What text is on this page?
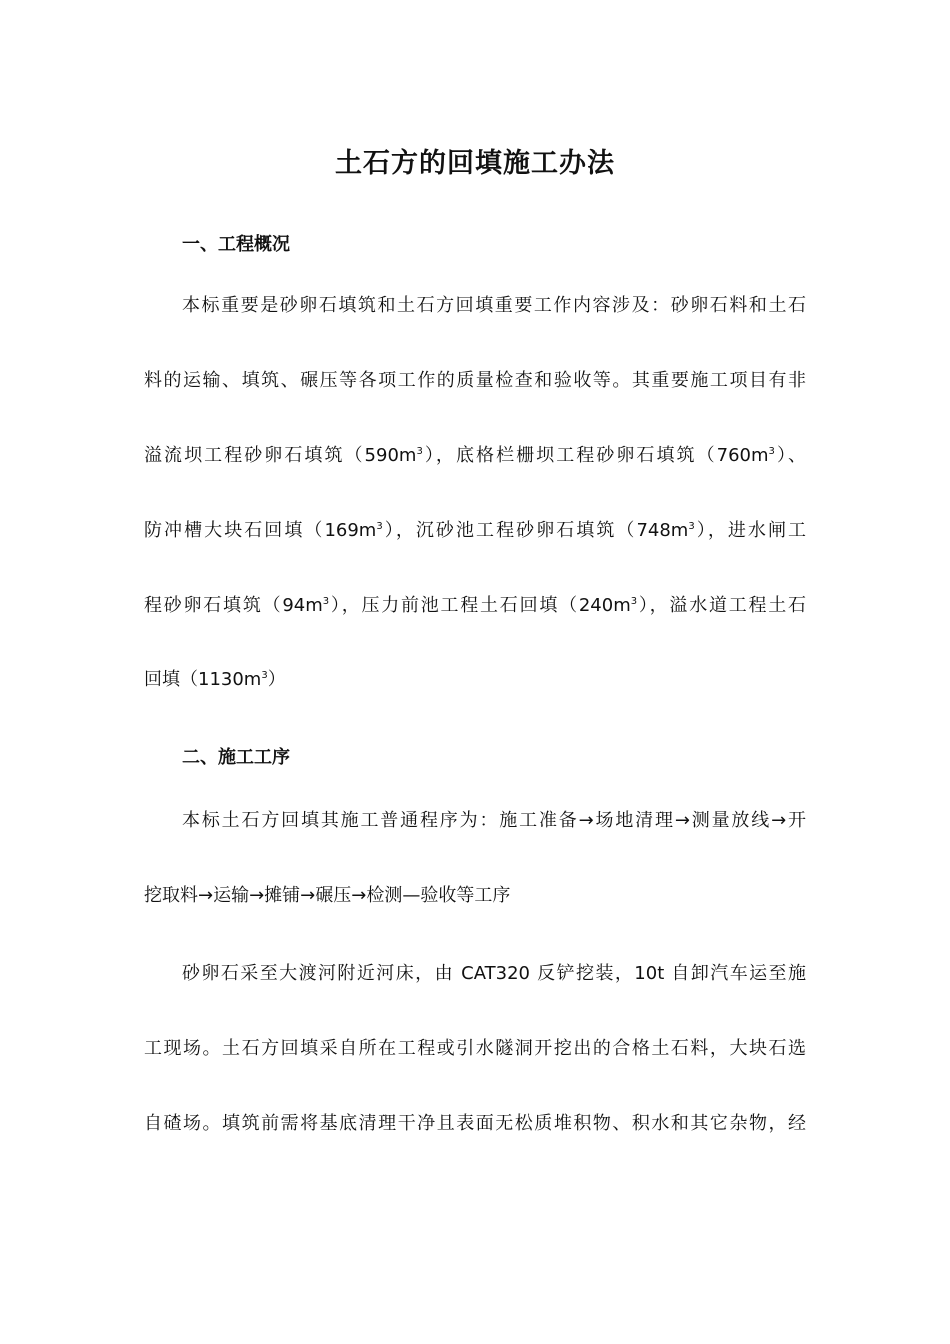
土石方的回填施工办法
一、工程概况
本标重要是砂卵石填筑和土石方回填重要工作内容涉及：砂卵石料和土石
料的运输、填筑、碾压等各项工作的质量检查和验收等。其重要施工项目有非
溢流坝工程砂卵石填筑$(590m^3)$，底格栏栅坝工程砂卵石填筑$(760m^3)$、
防冲槽大块石回填$(169m^3)$，沉砂池工程砂卵石填筑$(748m^3)$，进水闸工
程砂卵石填筑$(94m^3)$，压力前池工程土石回填$(240m^3)$，溢水道工程土石
回填$(1130m^3)$
二、施工工序
本标土石方回填其施工普通程序为：施工准备→场地清理→测量放线→开
挖取料→运输→摊铺→碾压→检测—验收等工序
砂卵石采至大渡河附近河床，由 CAT320 反铲挖装，10t 自卸汽车运至施
工现场。土石方回填采自所在工程或引水隧洞开挖出的合格土石料，大块石选
自碴场。填筑前需将基底清理干净且表面无松质堆积物、积水和其它杂物，经
